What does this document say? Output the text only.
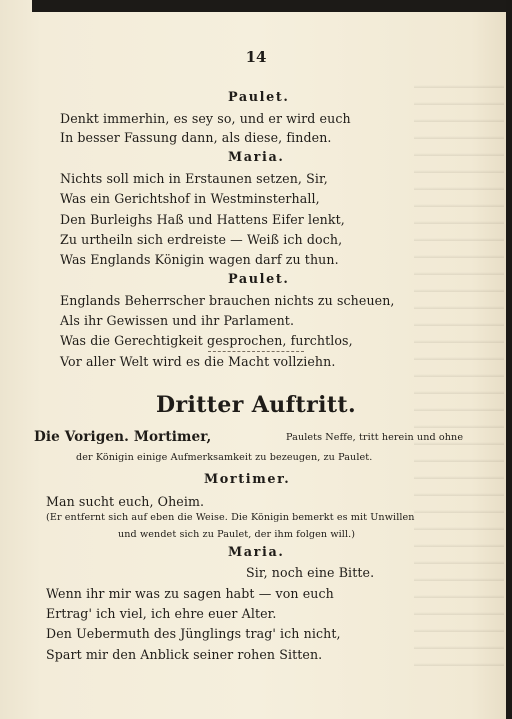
14
Dritter Auftritt.
Paulet.
Denkt immerhin, es sey so, und er wird euch
In besser Fassung dann, als diese, finden.
Maria.
Nichts soll mich in Erstaunen setzen, Sir,
Was ein Gerichtshof in Westminsterhall,
Den Burleighs Haß und Hattens Eifer lenkt,
Zu urtheiln sich erdreiste — Weiß ich doch,
Was Englands Königin wagen darf zu thun.
Paulet.
Englands Beherrscher brauchen nichts zu scheuen,
Als ihr Gewissen und ihr Parlament.
Was die Gerechtigkeit gesprochen, furchtlos,
Vor aller Welt wird es die Macht vollziehn.
Die Vorigen. Mortimer,	Paulets Neffe, tritt herein und ohne
der Königin einige Aufmerksamkeit zu bezeugen, zu Paulet.
Mortimer.
Man sucht euch, Oheim.
(Er entfernt sich auf eben die Weise. Die Königin bemerkt es mit Unwillen
und wendet sich zu Paulet, der ihm folgen will.)
Maria.
Sir, noch eine Bitte.
Wenn ihr mir was zu sagen habt — von euch
Ertrag' ich viel, ich ehre euer Alter.
Den Uebermuth des Jünglings trag' ich nicht,
Spart mir den Anblick seiner rohen Sitten.
